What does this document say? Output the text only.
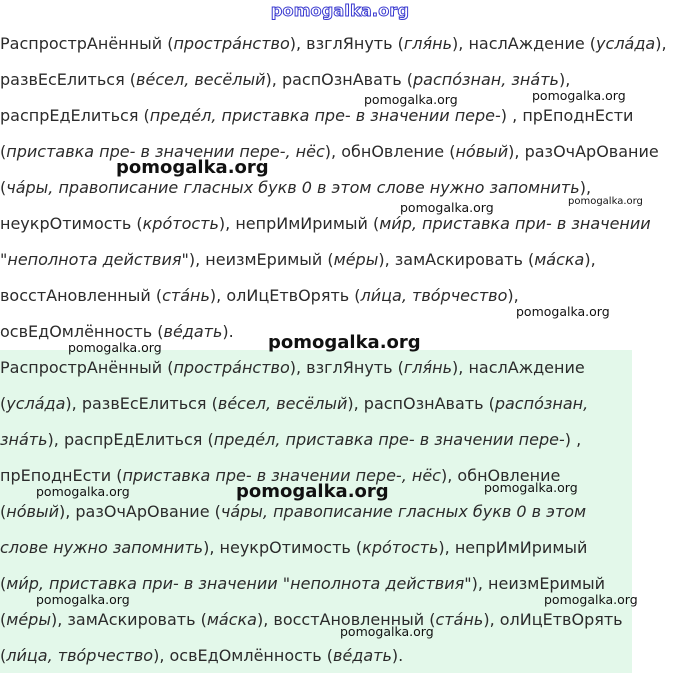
pomogalka.org

РаспрострАнённый (простра́нство), взглЯнуть (гля́нь), наслАждение (усла́да), развЕсЕлиться (ве́сел, весёлый), распОзнАвать (распо́знан, зна́ть), распрЕдЕлиться (преде́л, приставка пре- в значении пере-) , прЕподнЕсти (приставка пре- в значении пере-, нёс), обнОвление (но́вый), разОчАрОвание (ча́ры, правописание гласных букв 0 в этом слове нужно запомнить), неукрОтимость (кро́тость), непрИмИримый (ми́р, приставка при- в значении "неполнота действия"), неизмЕримый (ме́ры), замАскировать (ма́ска), восстАновленный (ста́нь), олИцЕтвОрять (ли́ца, тво́рчество), освЕдОмлённость (ве́дать).

РаспрострАнённый (простра́нство), взглЯнуть (гля́нь), наслАждение (усла́да), развЕсЕлиться (ве́сел, весёлый), распОзнАвать (распо́знан, зна́ть), распрЕдЕлиться (преде́л, приставка пре- в значении пере-) , прЕподнЕсти (приставка пре- в значении пере-, нёс), обнОвление (но́вый), разОчАрОвание (ча́ры, правописание гласных букв 0 в этом слове нужно запомнить), неукрОтимость (кро́тость), непрИмИримый (ми́р, приставка при- в значении "неполнота действия"), неизмЕримый (ме́ры), замАскировать (ма́ска), восстАновленный (ста́нь), олИцЕтвОрять (ли́ца, тво́рчество), освЕдОмлённость (ве́дать).

pomogalka.org	pomogalka.org
pomogalka.org
pomogalka.org	pomogalka.org
pomogalka.org
pomogalka.org
pomogalka.org
pomogalka.org	pomogalka.org	pomogalka.org
pomogalka.org	pomogalka.org
pomogalka.org
